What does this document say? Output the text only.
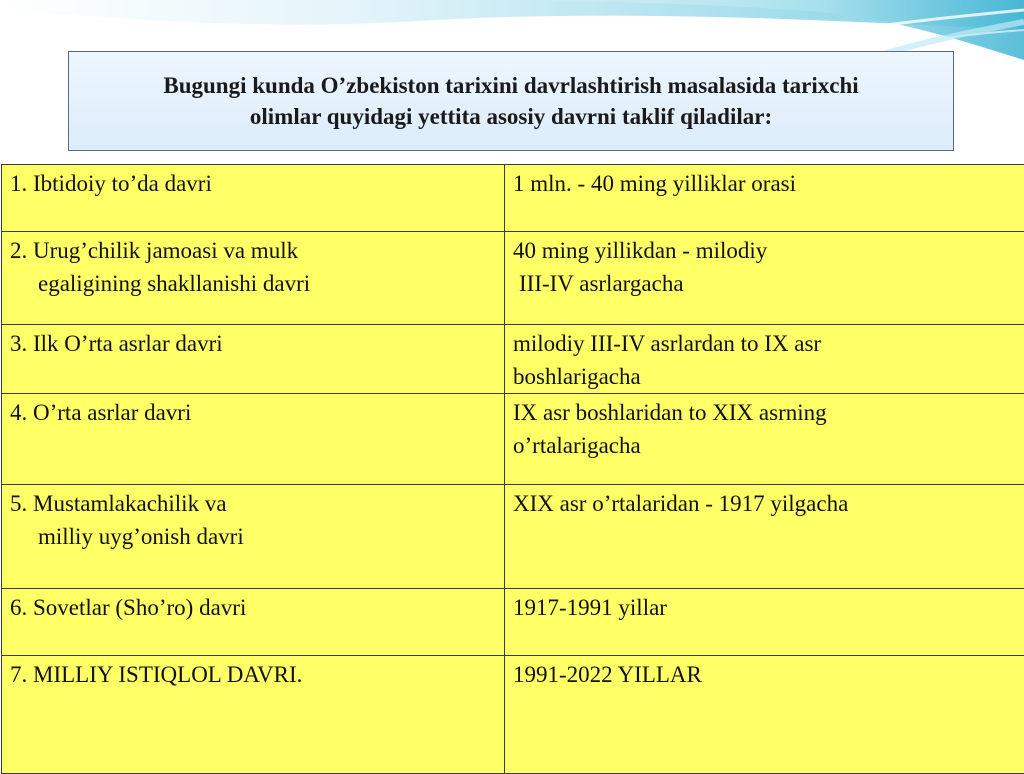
Bugungi kunda O’zbekiston tarixini davrlashtirish masalasida tarixchi
olimlar quyidagi yettita asosiy davrni taklif qiladilar:
1. Ibtidoiy to’da davri	1 mln. - 40 ming yilliklar orasi

2. Urug’chilik jamoasi va mulk
egaligining shakllanishi davri	40 ming yillikdan - milodiy
III-IV asrlargacha

3. Ilk O’rta asrlar davri	milodiy III-IV asrlardan to IX asr
boshlarigacha

4. O’rta asrlar davri	IX asr boshlaridan to XIX asrning
o’rtalarigacha

5. Mustamlakachilik va
milliy uyg’onish davri	XIX asr o’rtalaridan - 1917 yilgacha

6. Sovetlar (Sho’ro) davri	1917-1991 yillar

7. MILLIY ISTIQLOL DAVRI.	1991-2022 YILLAR
